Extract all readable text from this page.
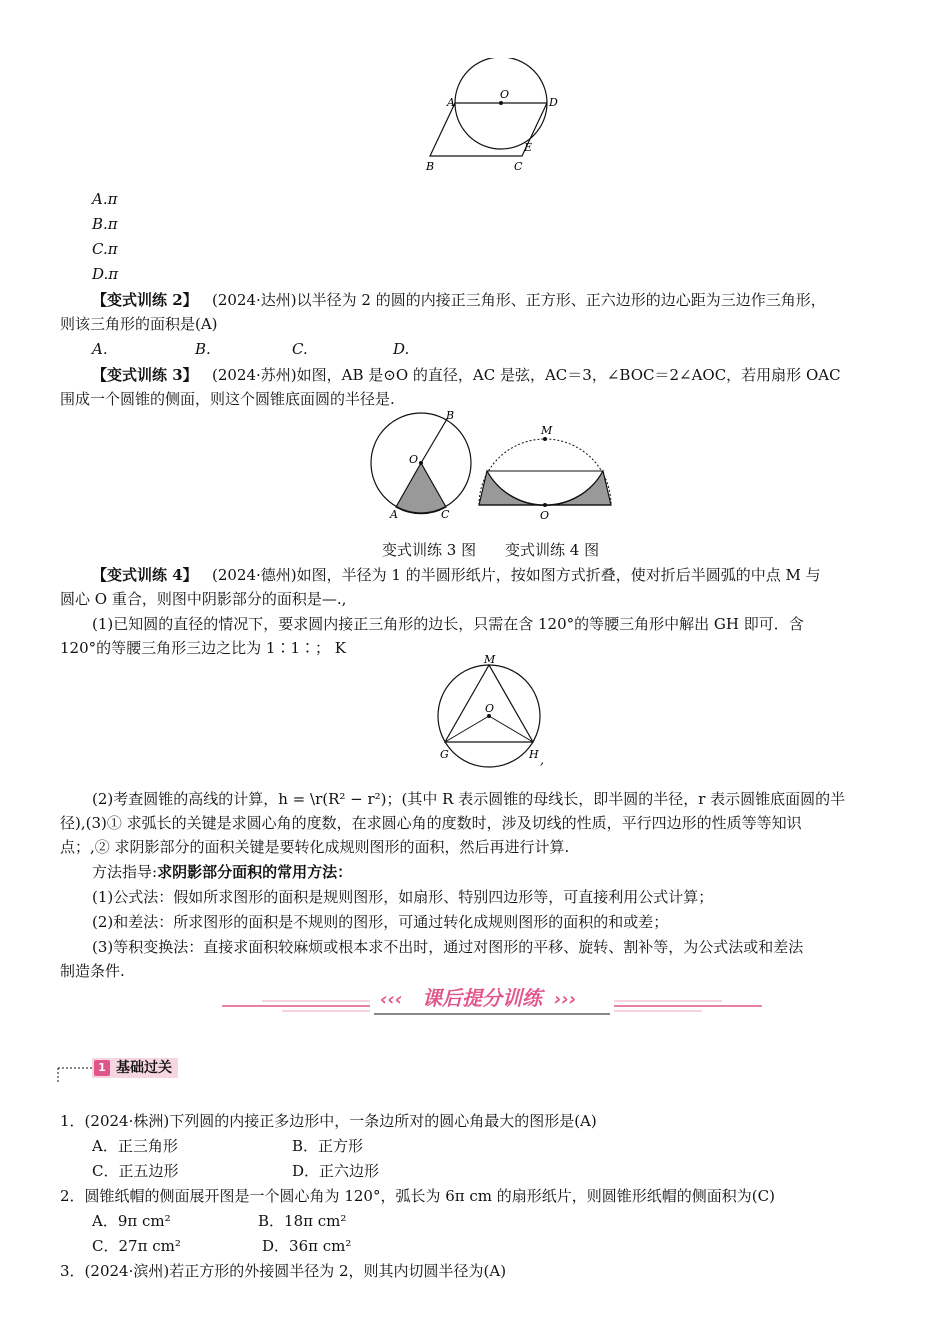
O
A	D
E
B	C
A.π
B.π
C.π
D.π
【变式训练 2】 (2024·达州)以半径为 2 的圆的内接正三角形、正方形、正六边形的边心距为三边作三角形，
则该三角形的面积是(A)
A.	B.	C.	D.
【变式训练 3】 (2024·苏州)如图，AB 是⊙O 的直径，AC 是弦，AC＝3，∠BOC＝2∠AOC，若用扇形 OAC
围成一个圆锥的侧面，则这个圆锥底面圆的半径是.
B
O
A	C
M
O
变式训练 3 图 变式训练 4 图
【变式训练 4】 (2024·德州)如图，半径为 1 的半圆形纸片，按如图方式折叠，使对折后半圆弧的中点 M 与
圆心 O 重合，则图中阴影部分的面积是—.,
(1)已知圆的直径的情况下，要求圆内接正三角形的边长，只需在含 120°的等腰三角形中解出 GH 即可．含
120°的等腰三角形三边之比为 1∶1∶； K
M
O
G	H ,
(2)考查圆锥的高线的计算，h = \r(R² − r²)；(其中 R 表示圆锥的母线长，即半圆的半径，r 表示圆锥底面圆的半
径),(3)① 求弧长的关键是求圆心角的度数，在求圆心角的度数时，涉及切线的性质，平行四边形的性质等等知识
点；,② 求阴影部分的面积关键是要转化成规则图形的面积，然后再进行计算.
方法指导:求阴影部分面积的常用方法：
(1)公式法：假如所求图形的面积是规则图形，如扇形、特别四边形等，可直接利用公式计算；
(2)和差法：所求图形的面积是不规则的图形，可通过转化成规则图形的面积的和或差；
(3)等积变换法：直接求面积较麻烦或根本求不出时，通过对图形的平移、旋转、割补等，为公式法或和差法
制造条件.
‹‹‹ 课后提分训练 ›››
1 基础过关
1．(2024·株洲)下列圆的内接正多边形中，一条边所对的圆心角最大的图形是(A)
A．正三角形	B．正方形
C．正五边形	D．正六边形
2．圆锥纸帽的侧面展开图是一个圆心角为 120°，弧长为 6π cm 的扇形纸片，则圆锥形纸帽的侧面积为(C)
A．9π cm²	B．18π cm²
C．27π cm²	D．36π cm²
3．(2024·滨州)若正方形的外接圆半径为 2，则其内切圆半径为(A)
